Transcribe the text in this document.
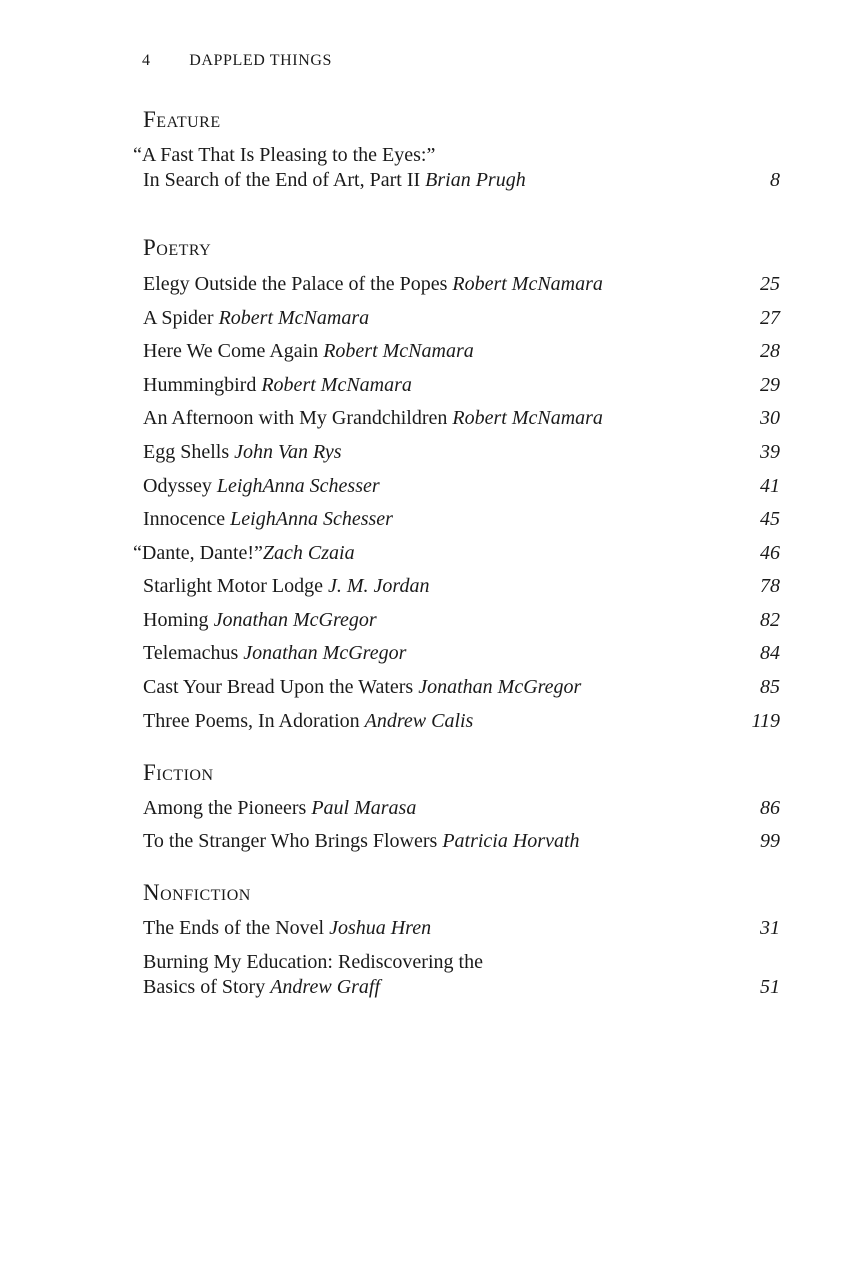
4 DAPPLED THINGS
Feature
“A Fast That Is Pleasing to the Eyes:”
In Search of the End of Art, Part II Brian Prugh	8
Poetry
Elegy Outside the Palace of the Popes Robert McNamara	25
A Spider Robert McNamara	27
Here We Come Again Robert McNamara	28
Hummingbird Robert McNamara	29
An Afternoon with My Grandchildren Robert McNamara	30
Egg Shells John Van Rys	39
Odyssey LeighAnna Schesser	41
Innocence LeighAnna Schesser	45
“Dante, Dante!”Zach Czaia	46
Starlight Motor Lodge J. M. Jordan	78
Homing Jonathan McGregor	82
Telemachus Jonathan McGregor	84
Cast Your Bread Upon the Waters Jonathan McGregor	85
Three Poems, In Adoration Andrew Calis	119
Fiction
Among the Pioneers Paul Marasa	86
To the Stranger Who Brings Flowers Patricia Horvath	99
Nonfiction
The Ends of the Novel Joshua Hren	31
Burning My Education: Rediscovering the
Basics of Story Andrew Graff	51
